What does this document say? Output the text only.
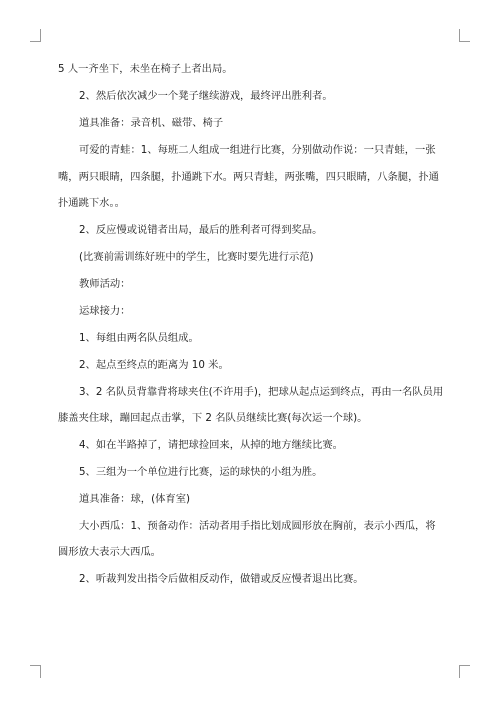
5 人一齐坐下，未坐在椅子上者出局。

2、然后依次减少一个凳子继续游戏，最终评出胜利者。

道具准备：录音机、磁带、椅子

可爱的青蛙：1、每班二人组成一组进行比赛，分别做动作说：一只青蛙，一张

嘴，两只眼睛，四条腿，扑通跳下水。两只青蛙，两张嘴，四只眼睛，八条腿，扑通

扑通跳下水。。

2、反应慢或说错者出局，最后的胜利者可得到奖品。

(比赛前需训练好班中的学生，比赛时要先进行示范)

教师活动：

运球接力：

1、每组由两名队员组成。

2、起点至终点的距离为 10 米。

3、2 名队员背靠背将球夹住(不许用手)，把球从起点运到终点，再由一名队员用

膝盖夹住球，蹦回起点击掌，下 2 名队员继续比赛(每次运一个球)。

4、如在半路掉了，请把球捡回来，从掉的地方继续比赛。

5、三组为一个单位进行比赛，运的球快的小组为胜。

道具准备：球，(体育室)

大小西瓜：1、预备动作：活动者用手指比划成圆形放在胸前，表示小西瓜，将

圆形放大表示大西瓜。

2、听裁判发出指令后做相反动作，做错或反应慢者退出比赛。
